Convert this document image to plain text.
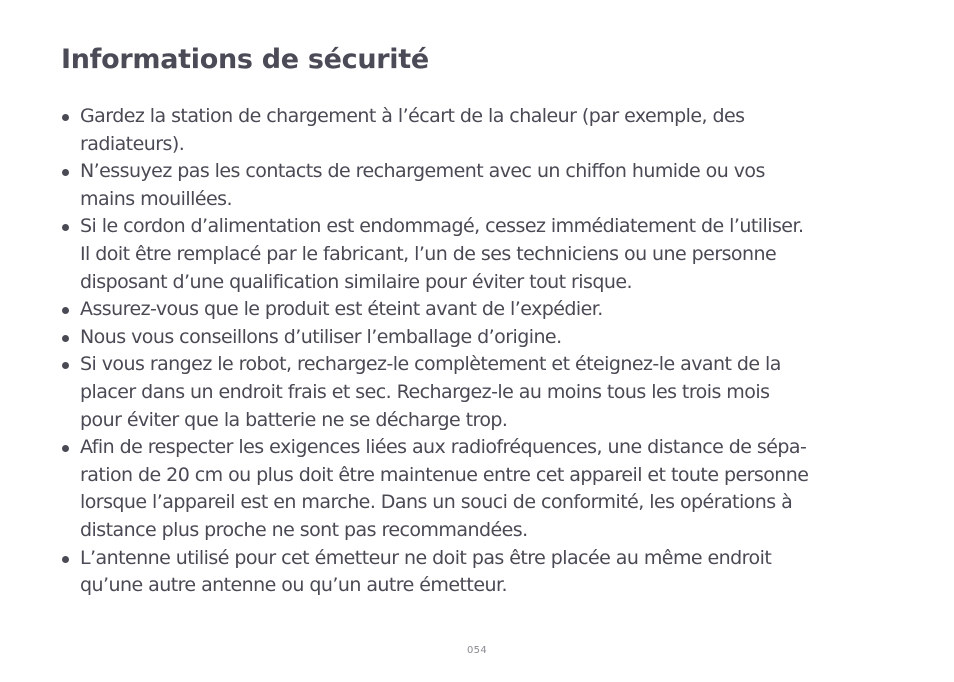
Informations de sécurité
Gardez la station de chargement à l’écart de la chaleur (par exemple, des
radiateurs).
N’essuyez pas les contacts de rechargement avec un chiffon humide ou vos
mains mouillées.
Si le cordon d’alimentation est endommagé, cessez immédiatement de l’utiliser.
Il doit être remplacé par le fabricant, l’un de ses techniciens ou une personne
disposant d’une qualification similaire pour éviter tout risque.
Assurez-vous que le produit est éteint avant de l’expédier.
Nous vous conseillons d’utiliser l’emballage d’origine.
Si vous rangez le robot, rechargez-le complètement et éteignez-le avant de la
placer dans un endroit frais et sec. Rechargez-le au moins tous les trois mois
pour éviter que la batterie ne se décharge trop.
Afin de respecter les exigences liées aux radiofréquences, une distance de sépa-
ration de 20 cm ou plus doit être maintenue entre cet appareil et toute personne
lorsque l’appareil est en marche. Dans un souci de conformité, les opérations à
distance plus proche ne sont pas recommandées.
L’antenne utilisé pour cet émetteur ne doit pas être placée au même endroit
qu’une autre antenne ou qu’un autre émetteur.
054
